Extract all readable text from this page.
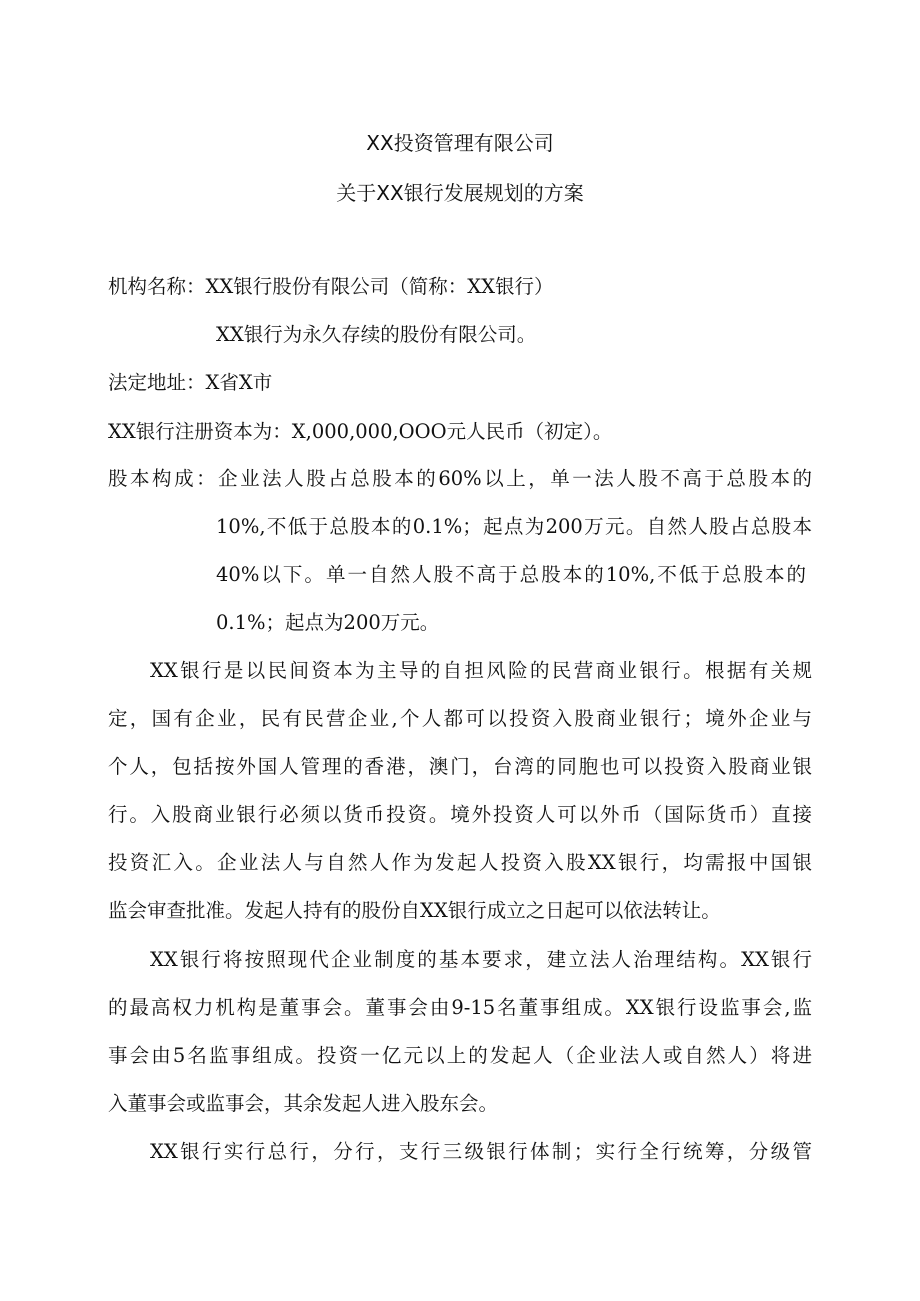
XX投资管理有限公司
关于XX银行发展规划的方案
机构名称：XX银行股份有限公司（简称：XX银行）
XX银行为永久存续的股份有限公司。
法定地址：X省X市
XX银行注册资本为：X,000,000,OOO元人民币（初定）。
股本构成：企业法人股占总股本的60%以上，单一法人股不高于总股本的
10%,不低于总股本的0.1%；起点为200万元。自然人股占总股本
40%以下。单一自然人股不高于总股本的10%,不低于总股本的
0.1%；起点为200万元。
XX银行是以民间资本为主导的自担风险的民营商业银行。根据有关规
定，国有企业，民有民营企业,个人都可以投资入股商业银行；境外企业与
个人，包括按外国人管理的香港，澳门，台湾的同胞也可以投资入股商业银
行。入股商业银行必须以货币投资。境外投资人可以外币（国际货币）直接
投资汇入。企业法人与自然人作为发起人投资入股XX银行，均需报中国银
监会审查批准。发起人持有的股份自XX银行成立之日起可以依法转让。
XX银行将按照现代企业制度的基本要求，建立法人治理结构。XX银行
的最高权力机构是董事会。董事会由9-15名董事组成。XX银行设监事会,监
事会由5名监事组成。投资一亿元以上的发起人（企业法人或自然人）将进
入董事会或监事会，其余发起人进入股东会。
XX银行实行总行，分行，支行三级银行体制；实行全行统筹，分级管
